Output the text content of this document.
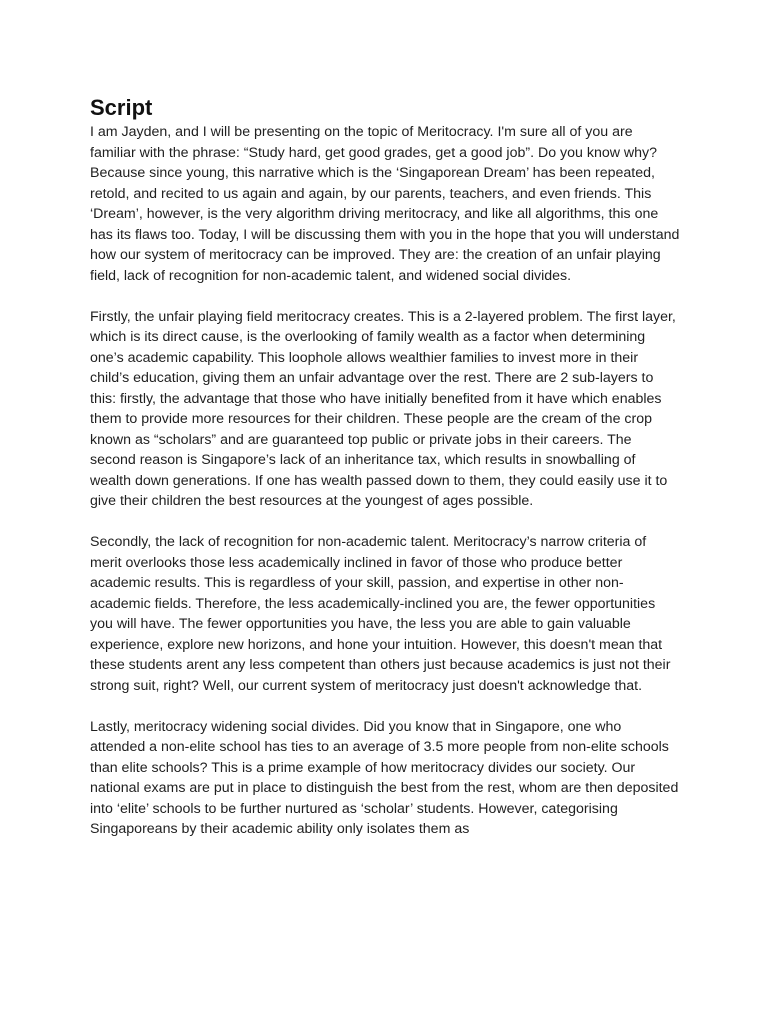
Script

I am Jayden, and I will be presenting on the topic of Meritocracy. I'm sure all of you are familiar with the phrase: “Study hard, get good grades, get a good job”. Do you know why? Because since young, this narrative which is the ‘Singaporean Dream’ has been repeated, retold, and recited to us again and again, by our parents, teachers, and even friends. This ‘Dream’, however, is the very algorithm driving meritocracy, and like all algorithms, this one has its flaws too. Today, I will be discussing them with you in the hope that you will understand how our system of meritocracy can be improved. They are: the creation of an unfair playing field, lack of recognition for non-academic talent, and widened social divides.

Firstly, the unfair playing field meritocracy creates. This is a 2-layered problem. The first layer, which is its direct cause, is the overlooking of family wealth as a factor when determining one’s academic capability. This loophole allows wealthier families to invest more in their child’s education, giving them an unfair advantage over the rest. There are 2 sub-layers to this: firstly, the advantage that those who have initially benefited from it have which enables them to provide more resources for their children. These people are the cream of the crop known as “scholars” and are guaranteed top public or private jobs in their careers. The second reason is Singapore’s lack of an inheritance tax, which results in snowballing of wealth down generations. If one has wealth passed down to them, they could easily use it to give their children the best resources at the youngest of ages possible.

Secondly, the lack of recognition for non-academic talent. Meritocracy’s narrow criteria of merit overlooks those less academically inclined in favor of those who produce better academic results. This is regardless of your skill, passion, and expertise in other non-academic fields. Therefore, the less academically-inclined you are, the fewer opportunities you will have. The fewer opportunities you have, the less you are able to gain valuable experience, explore new horizons, and hone your intuition. However, this doesn't mean that these students arent any less competent than others just because academics is just not their strong suit, right? Well, our current system of meritocracy just doesn't acknowledge that.

Lastly, meritocracy widening social divides. Did you know that in Singapore, one who attended a non-elite school has ties to an average of 3.5 more people from non-elite schools than elite schools? This is a prime example of how meritocracy divides our society. Our national exams are put in place to distinguish the best from the rest, whom are then deposited into ‘elite’ schools to be further nurtured as ‘scholar’ students. However, categorising Singaporeans by their academic ability only isolates them as
